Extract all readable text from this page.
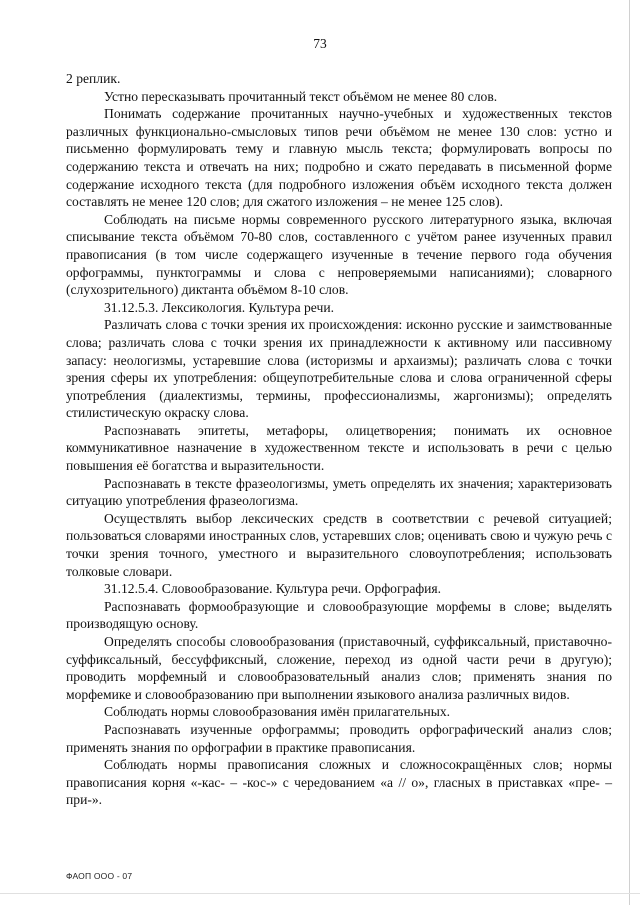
73

2 реплик.

Устно пересказывать прочитанный текст объёмом не менее 80 слов.

Понимать содержание прочитанных научно-учебных и художественных текстов различных функционально-смысловых типов речи объёмом не менее 130 слов: устно и письменно формулировать тему и главную мысль текста; формулировать вопросы по содержанию текста и отвечать на них; подробно и сжато передавать в письменной форме содержание исходного текста (для подробного изложения объём исходного текста должен составлять не менее 120 слов; для сжатого изложения – не менее 125 слов).

Соблюдать на письме нормы современного русского литературного языка, включая списывание текста объёмом 70-80 слов, составленного с учётом ранее изученных правил правописания (в том числе содержащего изученные в течение первого года обучения орфограммы, пунктограммы и слова с непроверяемыми написаниями); словарного (слухозрительного) диктанта объёмом 8-10 слов.

31.12.5.3. Лексикология. Культура речи.

Различать слова с точки зрения их происхождения: исконно русские и заимствованные слова; различать слова с точки зрения их принадлежности к активному или пассивному запасу: неологизмы, устаревшие слова (историзмы и архаизмы); различать слова с точки зрения сферы их употребления: общеупотребительные слова и слова ограниченной сферы употребления (диалектизмы, термины, профессионализмы, жаргонизмы); определять стилистическую окраску слова.

Распознавать эпитеты, метафоры, олицетворения; понимать их основное коммуникативное назначение в художественном тексте и использовать в речи с целью повышения её богатства и выразительности.

Распознавать в тексте фразеологизмы, уметь определять их значения; характеризовать ситуацию употребления фразеологизма.

Осуществлять выбор лексических средств в соответствии с речевой ситуацией; пользоваться словарями иностранных слов, устаревших слов; оценивать свою и чужую речь с точки зрения точного, уместного и выразительного словоупотребления; использовать толковые словари.

31.12.5.4. Словообразование. Культура речи. Орфография.

Распознавать формообразующие и словообразующие морфемы в слове; выделять производящую основу.

Определять способы словообразования (приставочный, суффиксальный, приставочно-суффиксальный, бессуффиксный, сложение, переход из одной части речи в другую); проводить морфемный и словообразовательный анализ слов; применять знания по морфемике и словообразованию при выполнении языкового анализа различных видов.

Соблюдать нормы словообразования имён прилагательных.

Распознавать изученные орфограммы; проводить орфографический анализ слов; применять знания по орфографии в практике правописания.

Соблюдать нормы правописания сложных и сложносокращённых слов; нормы правописания корня «-кас- – -кос-» с чередованием «а // о», гласных в приставках «пре- – при-».

ФАОП ООО - 07
